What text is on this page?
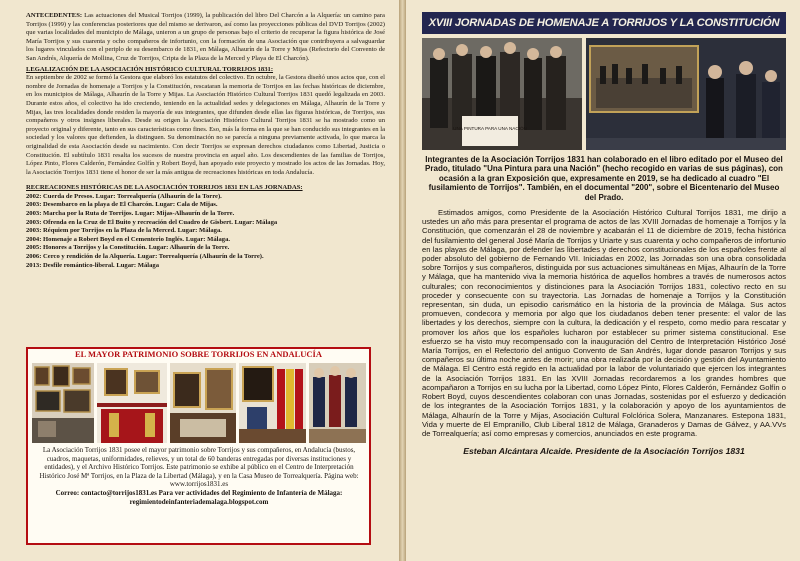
ANTECEDENTES: Las actuaciones del Musical Torrijos (1999), la publicación del libro Del Charcón a la Alquería: un camino para Torrijos (1999) y las conferencias posteriores que del mismo se derivaron, así como las proyecciones públicas del DVD Torrijos (2002) que varias localidades del municipio de Málaga, unieron a un grupo de personas bajo el criterio de recuperar la figura histórica de José María Torrijos y sus cuarenta y ocho compañeros de infortunio, con la formación de una Asociación que contribuyera a salvaguardar los lugares vinculados con el periplo de su desembarco de 1831, en Málaga, Alhaurín de la Torre y Mijas (Refectorio del Convento de San Andrés, Alquería de Mollina, Cruz de Torrijos, Cripta de la Plaza de la Merced y Playa de El Charcón).

LEGALIZACIÓN DE LA ASOCIACIÓN HISTÓRICO CULTURAL TORRIJOS 1831:

En septiembre de 2002 se formó la Gestora que elaboró los estatutos del colectivo. En octubre, la Gestora diseñó unos actos que, con el nombre de Jornadas de homenaje a Torrijos y la Constitución, rescataran la memoria de Torrijos en las fechas históricas de diciembre, en los municipios de Málaga, Alhaurín de la Torre y Mijas. La Asociación Histórico Cultural Torrijos 1831 quedó legalizada en 2003. Durante estos años, el colectivo ha ido creciendo, teniendo en la actualidad sedes y delegaciones en Málaga, Alhaurín de la Torre y Mijas, las tres localidades donde residen la mayoría de sus integrantes, que difunden desde ellas las figuras históricas, de Torrijos, sus compañeros y otros insignes liberales. Desde su origen la Asociación Histórico Cultural Torrijos 1831 se ha mostrado como un proyecto original y diferente, tanto en sus características como fines. Eso, más la forma en la que se han conducido sus integrantes en la sociedad y los valores que defienden, la distinguen. Su denominación no se parecía a ninguna previamente activada, lo que marca la originalidad de esta Asociación desde su nacimiento. Con decir Torrijos se expresan derechos ciudadanos como Libertad, Justicia o Constitución. El subtítulo 1831 resalta los sucesos de nuestra provincia en aquel año. Los descendientes de las familias de Torrijos, López Pinto, Flores Calderón, Fernández Golfín y Robert Boyd, han apoyado este proyecto y mostrado los actos de las Jornadas. Hoy, la Asociación Torrijos 1831 tiene el honor de ser la más antigua de recreaciones históricas en toda Andalucía.

RECREACIONES HISTÓRICAS DE LA ASOCIACIÓN TORRIJOS 1831 EN LAS JORNADAS:

2002: Cuerda de Presos. Lugar: Torrealquería (Alhaurín de la Torre).
2003: Desembarco en la playa de El Charcón. Lugar: Cala de Mijas.
2003: Marcha por la Ruta de Torrijos. Lugar: Mijas-Alhaurín de la Torre.
2003: Ofrenda en la Cruz de El Buito y recreación del Cuadro de Gisbert. Lugar: Málaga
2003: Réquiem por Torrijos en la Plaza de la Merced. Lugar: Málaga.
2004: Homenaje a Robert Boyd en el Cementerio Inglés. Lugar: Málaga.
2005: Honores a Torrijos y la Constitución. Lugar: Alhaurín de la Torre.
2006: Cerco y rendición de la Alquería. Lugar: Torrealquería (Alhaurín de la Torre).
2013: Desfile romántico-liberal. Lugar: Málaga
EL MAYOR PATRIMONIO SOBRE TORRIJOS EN ANDALUCÍA

La Asociación Torrijos 1831 posee el mayor patrimonio sobre Torrijos y sus compañeros, en Andalucía (bustos, cuadros, maquetas, uniformidades, relieves, y un total de 60 banderas entregadas por diversas instituciones y entidades), y el Archivo Histórico Torrijos. Este patrimonio se exhibe al público en el Centro de Interpretación Histórico José Mª Torrijos, en la Plaza de la Libertad (Málaga), y en la Casa Museo de Torrealquería. Página web: www.torrijos1831.es

Correo: contacto@torrijos1831.es Para ver actividades del Regimiento de Infantería de Málaga: regimientodeinfanteriademalaga.blogspot.com

XVIII JORNADAS DE HOMENAJE A TORRIJOS Y LA CONSTITUCIÓN
UNA PINTURA PARA UNA NACIÓN

Integrantes de la Asociación Torrijos 1831 han colaborado en el libro editado por el Museo del Prado, titulado "Una Pintura para una Nación" (hecho recogido en varias de sus páginas), con ocasión a la gran Exposición que, expresamente en 2019, se ha dedicado al cuadro "El fusilamiento de Torrijos". También, en el documental "200", sobre el Bicentenario del Museo del Prado.

Estimados amigos, como Presidente de la Asociación Histórico Cultural Torrijos 1831, me dirijo a ustedes un año más para presentar el programa de actos de las XVIII Jornadas de homenaje a Torrijos y la Constitución, que comenzarán el 28 de noviembre y acabarán el 11 de diciembre de 2019, fecha histórica del fusilamiento del general José María de Torrijos y Uriarte y sus cuarenta y ocho compañeros de infortunio en las playas de Málaga, por defender las libertades y derechos constitucionales de los españoles frente al poder absoluto del gobierno de Fernando VII. Iniciadas en 2002, las Jornadas son una obra consolidada sobre Torrijos y sus compañeros, distinguida por sus actuaciones simultáneas en Mijas, Alhaurín de la Torre y Málaga, que ha mantenido viva la memoria histórica de aquellos hombres a través de numerosos actos culturales; con reconocimientos y distinciones para la Asociación Torrijos 1831, colectivo recto en su proceder y consecuente con su trayectoria. Las Jornadas de homenaje a Torrijos y la Constitución representan, sin duda, un episodio carismático en la historia de la provincia de Málaga. Sus actos promueven, condecora y memoria por algo que los ciudadanos deben tener presente: el valor de las libertades y los derechos, siempre con la cultura, la dedicación y el respeto, como medio para rescatar y promover los años que los españoles lucharon por establecer su primer sistema constitucional. Ese esfuerzo se ha visto muy recompensado con la inauguración del Centro de Interpretación Histórico José María Torrijos, en el Refectorio del antiguo Convento de San Andrés, lugar donde pasaron Torrijos y sus compañeros su última noche antes de morir; una obra realizada por la decisión y gestión del Ayuntamiento de Málaga. El Centro está regido en la actualidad por la labor de voluntariado que ejercen los integrantes de la Asociación Torrijos 1831. En las XVIII Jornadas recordaremos a los grandes hombres que acompañaron a Torrijos en su lucha por la Libertad, como López Pinto, Flores Calderón, Fernández Golfín o Robert Boyd, cuyos descendientes colaboran con unas Jornadas, sostenidas por el esfuerzo y dedicación de los integrantes de la Asociación Torrijos 1831, y la colaboración y apoyo de los ayuntamientos de Málaga, Alhaurín de la Torre y Mijas, Asociación Cultural Folclórica Solera, Manzanares. Estepona 1831, Vida y muerte de El Empranillo, Club Liberal 1812 de Málaga, Granaderos y Damas de Gálvez, y AA.VVs de Torrealquería; así como empresas y comercios, anunciados en este programa.

Esteban Alcántara Alcaide. Presidente de la Asociación Torrijos 1831
